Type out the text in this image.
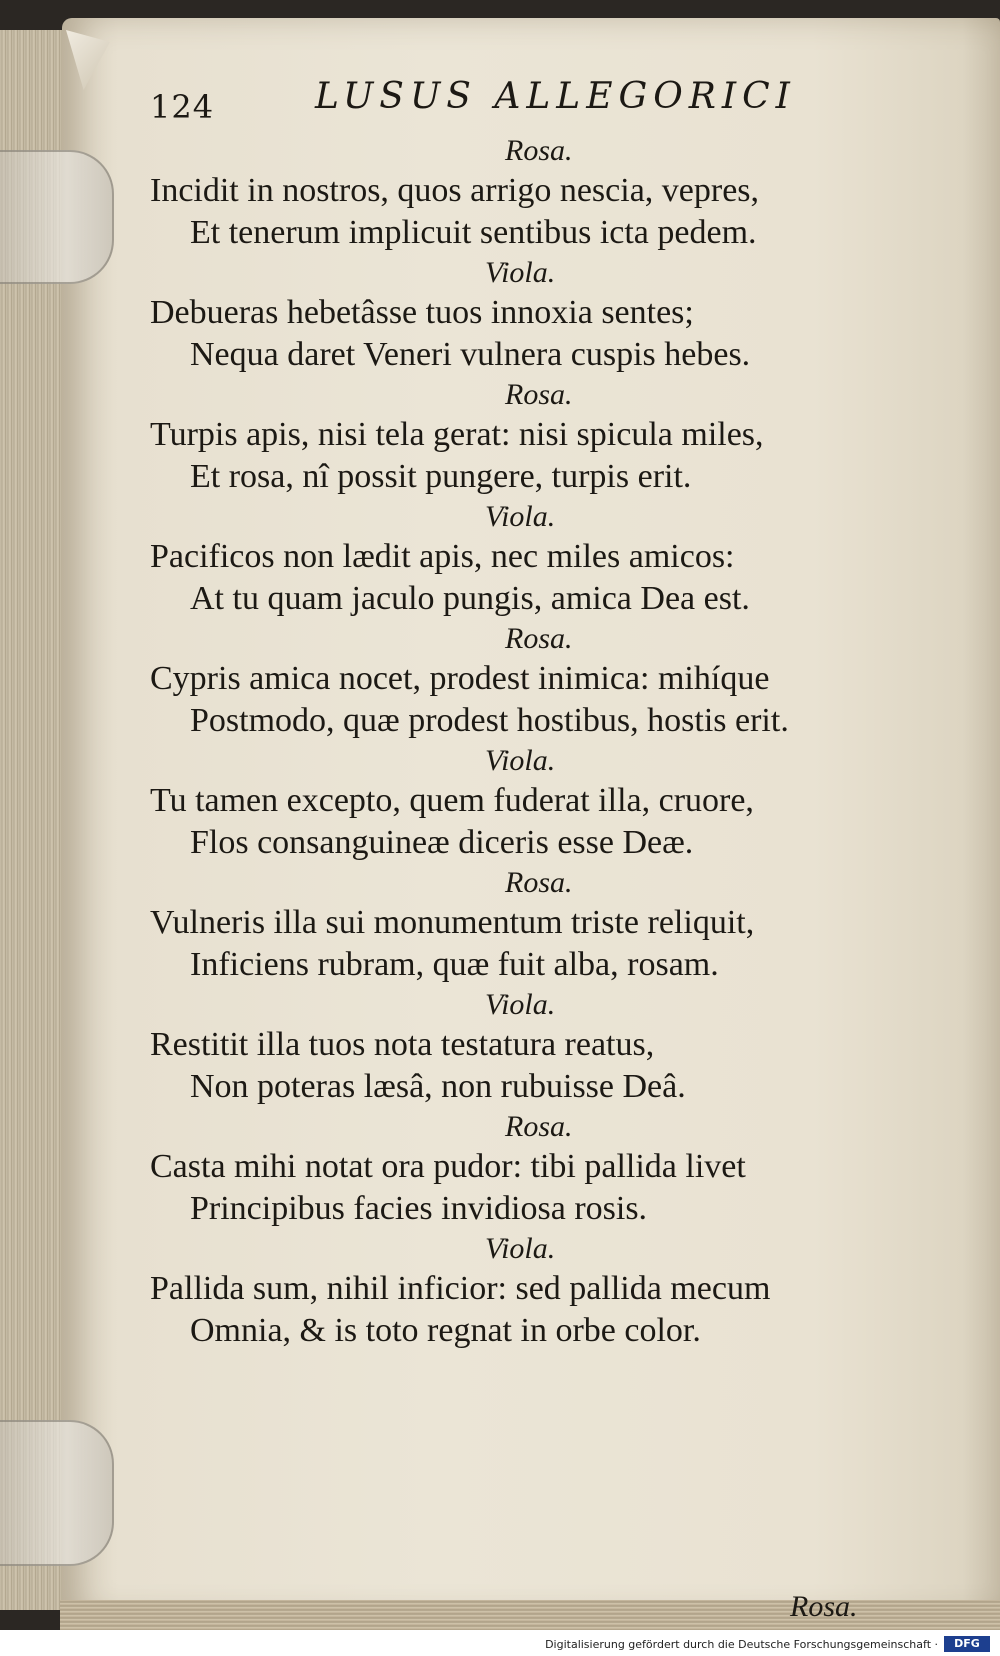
124	LUSUS ALLEGORICI
Rosa.
Incidit in nostros, quos arrigo nescia, vepres,
Et tenerum implicuit sentibus icta pedem.
Viola.
Debueras hebetâsse tuos innoxia sentes;
Nequa daret Veneri vulnera cuspis hebes.
Rosa.
Turpis apis, nisi tela gerat: nisi spicula miles,
Et rosa, nî possit pungere, turpis erit.
Viola.
Pacificos non lædit apis, nec miles amicos:
At tu quam jaculo pungis, amica Dea est.
Rosa.
Cypris amica nocet, prodest inimica: mihíque
Postmodo, quæ prodest hostibus, hostis erit.
Viola.
Tu tamen excepto, quem fuderat illa, cruore,
Flos consanguineæ diceris esse Deæ.
Rosa.
Vulneris illa sui monumentum triste reliquit,
Inficiens rubram, quæ fuit alba, rosam.
Viola.
Restitit illa tuos nota testatura reatus,
Non poteras læsâ, non rubuisse Deâ.
Rosa.
Casta mihi notat ora pudor: tibi pallida livet
Principibus facies invidiosa rosis.
Viola.
Pallida sum, nihil inficior: sed pallida mecum
Omnia, & is toto regnat in orbe color.
Rosa.
Digitalisierung gefördert durch die Deutsche Forschungsgemeinschaft ·	DFG
